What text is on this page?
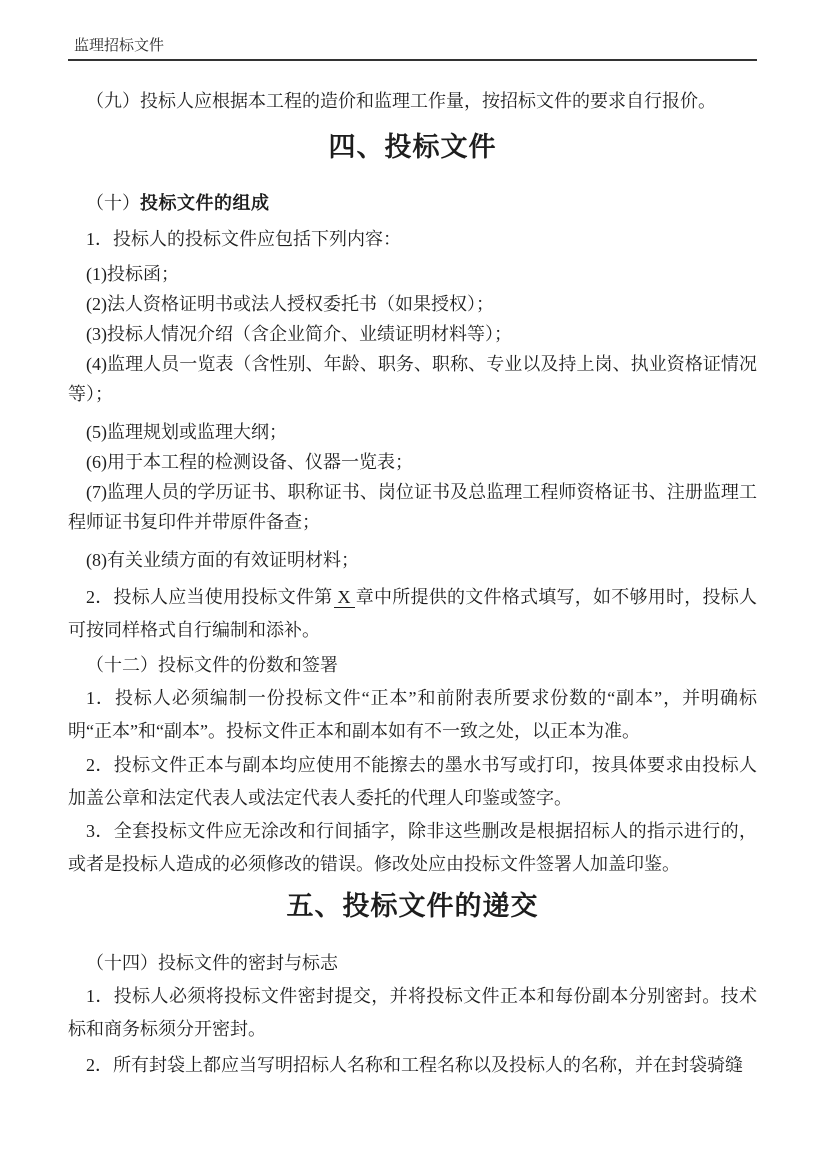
监理招标文件

（九）投标人应根据本工程的造价和监理工作量，按招标文件的要求自行报价。

四、投标文件

（十）投标文件的组成

1．投标人的投标文件应包括下列内容：

(1)投标函；

(2)法人资格证明书或法人授权委托书（如果授权）；

(3)投标人情况介绍（含企业简介、业绩证明材料等）；

(4)监理人员一览表（含性别、年龄、职务、职称、专业以及持上岗、执业资格证情况等）；

(5)监理规划或监理大纲；

(6)用于本工程的检测设备、仪器一览表；

(7)监理人员的学历证书、职称证书、岗位证书及总监理工程师资格证书、注册监理工程师证书复印件并带原件备查；

(8)有关业绩方面的有效证明材料；

2．投标人应当使用投标文件第 X 章中所提供的文件格式填写，如不够用时，投标人可按同样格式自行编制和添补。

（十二）投标文件的份数和签署

1．投标人必须编制一份投标文件“正本”和前附表所要求份数的“副本”，并明确标明“正本”和“副本”。投标文件正本和副本如有不一致之处，以正本为准。

2．投标文件正本与副本均应使用不能擦去的墨水书写或打印，按具体要求由投标人加盖公章和法定代表人或法定代表人委托的代理人印鉴或签字。

3．全套投标文件应无涂改和行间插字，除非这些删改是根据招标人的指示进行的，或者是投标人造成的必须修改的错误。修改处应由投标文件签署人加盖印鉴。

五、投标文件的递交

（十四）投标文件的密封与标志

1．投标人必须将投标文件密封提交，并将投标文件正本和每份副本分别密封。技术标和商务标须分开密封。

2．所有封袋上都应当写明招标人名称和工程名称以及投标人的名称，并在封袋骑缝
